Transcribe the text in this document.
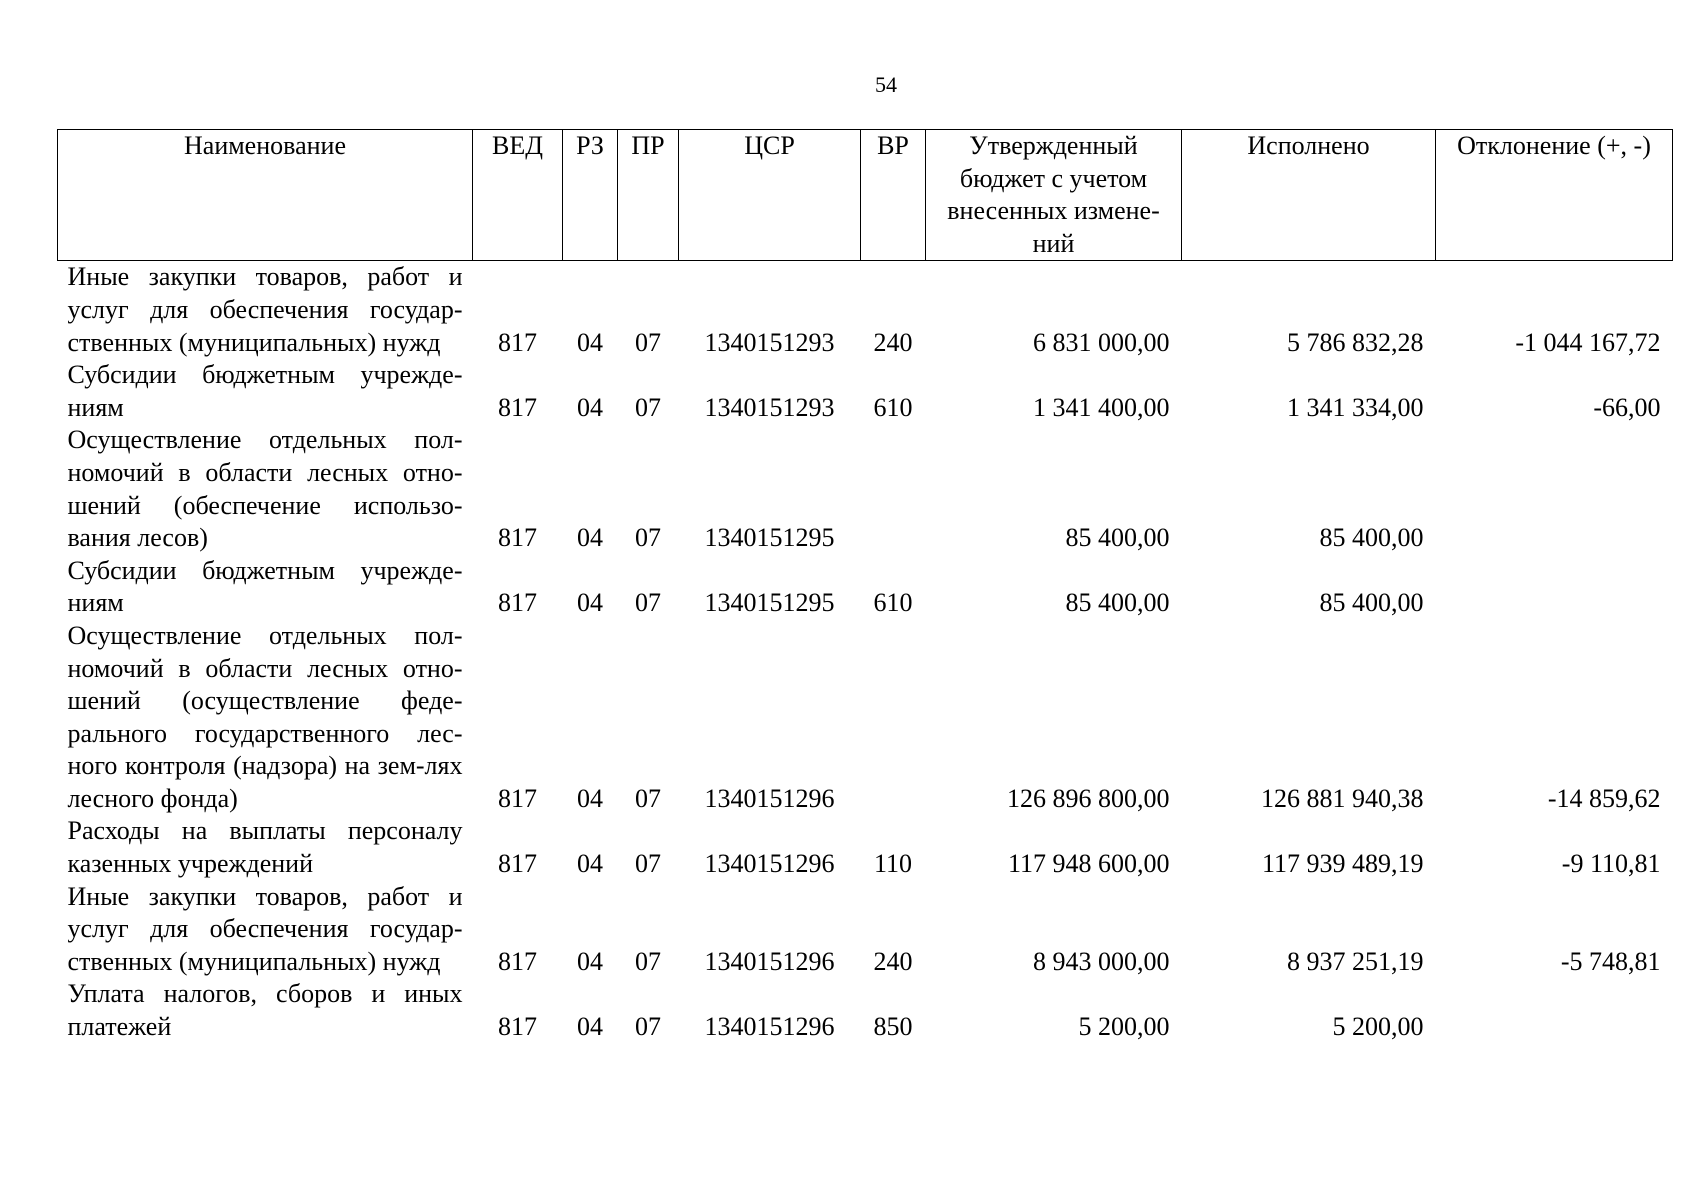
54
Наименование	ВЕД	РЗ	ПР	ЦСР	ВР	Утвержденный бюджет с учетом внесенных измене-ний	Исполнено	Отклонение (+, -)
Иные закупки товаров, работ и услуг для обеспечения государ-ственных (муниципальных) нужд	817	04	07	1340151293	240	6 831 000,00	5 786 832,28	-1 044 167,72
Субсидии бюджетным учрежде-ниям	817	04	07	1340151293	610	1 341 400,00	1 341 334,00	-66,00
Осуществление отдельных пол-номочий в области лесных отно-шений (обеспечение использо-вания лесов)	817	04	07	1340151295		85 400,00	85 400,00	
Субсидии бюджетным учрежде-ниям	817	04	07	1340151295	610	85 400,00	85 400,00	
Осуществление отдельных пол-номочий в области лесных отно-шений (осуществление феде-рального государственного лес-ного контроля (надзора) на зем-лях лесного фонда)	817	04	07	1340151296		126 896 800,00	126 881 940,38	-14 859,62
Расходы на выплаты персоналу казенных учреждений	817	04	07	1340151296	110	117 948 600,00	117 939 489,19	-9 110,81
Иные закупки товаров, работ и услуг для обеспечения государ-ственных (муниципальных) нужд	817	04	07	1340151296	240	8 943 000,00	8 937 251,19	-5 748,81
Уплата налогов, сборов и иных платежей	817	04	07	1340151296	850	5 200,00	5 200,00	
